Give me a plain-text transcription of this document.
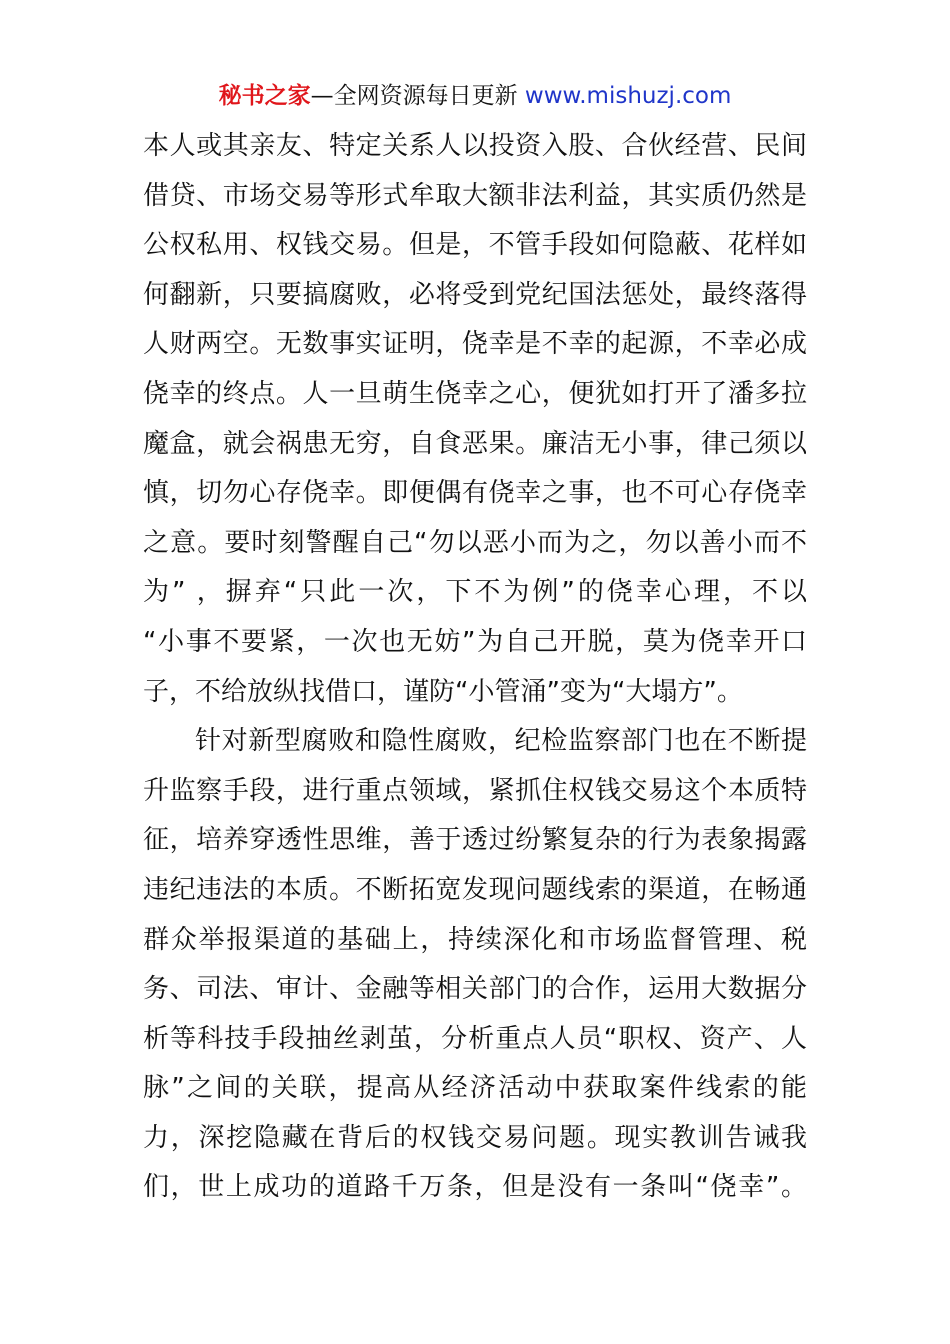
秘书之家—全网资源每日更新 www.mishuzj.com
本人或其亲友、特定关系人以投资入股、合伙经营、民间
借贷、市场交易等形式牟取大额非法利益，其实质仍然是
公权私用、权钱交易。但是，不管手段如何隐蔽、花样如
何翻新，只要搞腐败，必将受到党纪国法惩处，最终落得
人财两空。无数事实证明，侥幸是不幸的起源，不幸必成
侥幸的终点。人一旦萌生侥幸之心，便犹如打开了潘多拉
魔盒，就会祸患无穷，自食恶果。廉洁无小事，律己须以
慎，切勿心存侥幸。即便偶有侥幸之事，也不可心存侥幸
之意。要时刻警醒自己“勿以恶小而为之，勿以善小而不
为” ，摒弃“只此一次，下不为例”的侥幸心理，不以
“小事不要紧，一次也无妨”为自己开脱，莫为侥幸开口
子，不给放纵找借口，谨防“小管涌”变为“大塌方”。
针对新型腐败和隐性腐败，纪检监察部门也在不断提
升监察手段，进行重点领域，紧抓住权钱交易这个本质特
征，培养穿透性思维，善于透过纷繁复杂的行为表象揭露
违纪违法的本质。不断拓宽发现问题线索的渠道，在畅通
群众举报渠道的基础上，持续深化和市场监督管理、税
务、司法、审计、金融等相关部门的合作，运用大数据分
析等科技手段抽丝剥茧，分析重点人员“职权、资产、人
脉”之间的关联，提高从经济活动中获取案件线索的能
力，深挖隐藏在背后的权钱交易问题。现实教训告诫我
们，世上成功的道路千万条，但是没有一条叫“侥幸”。
